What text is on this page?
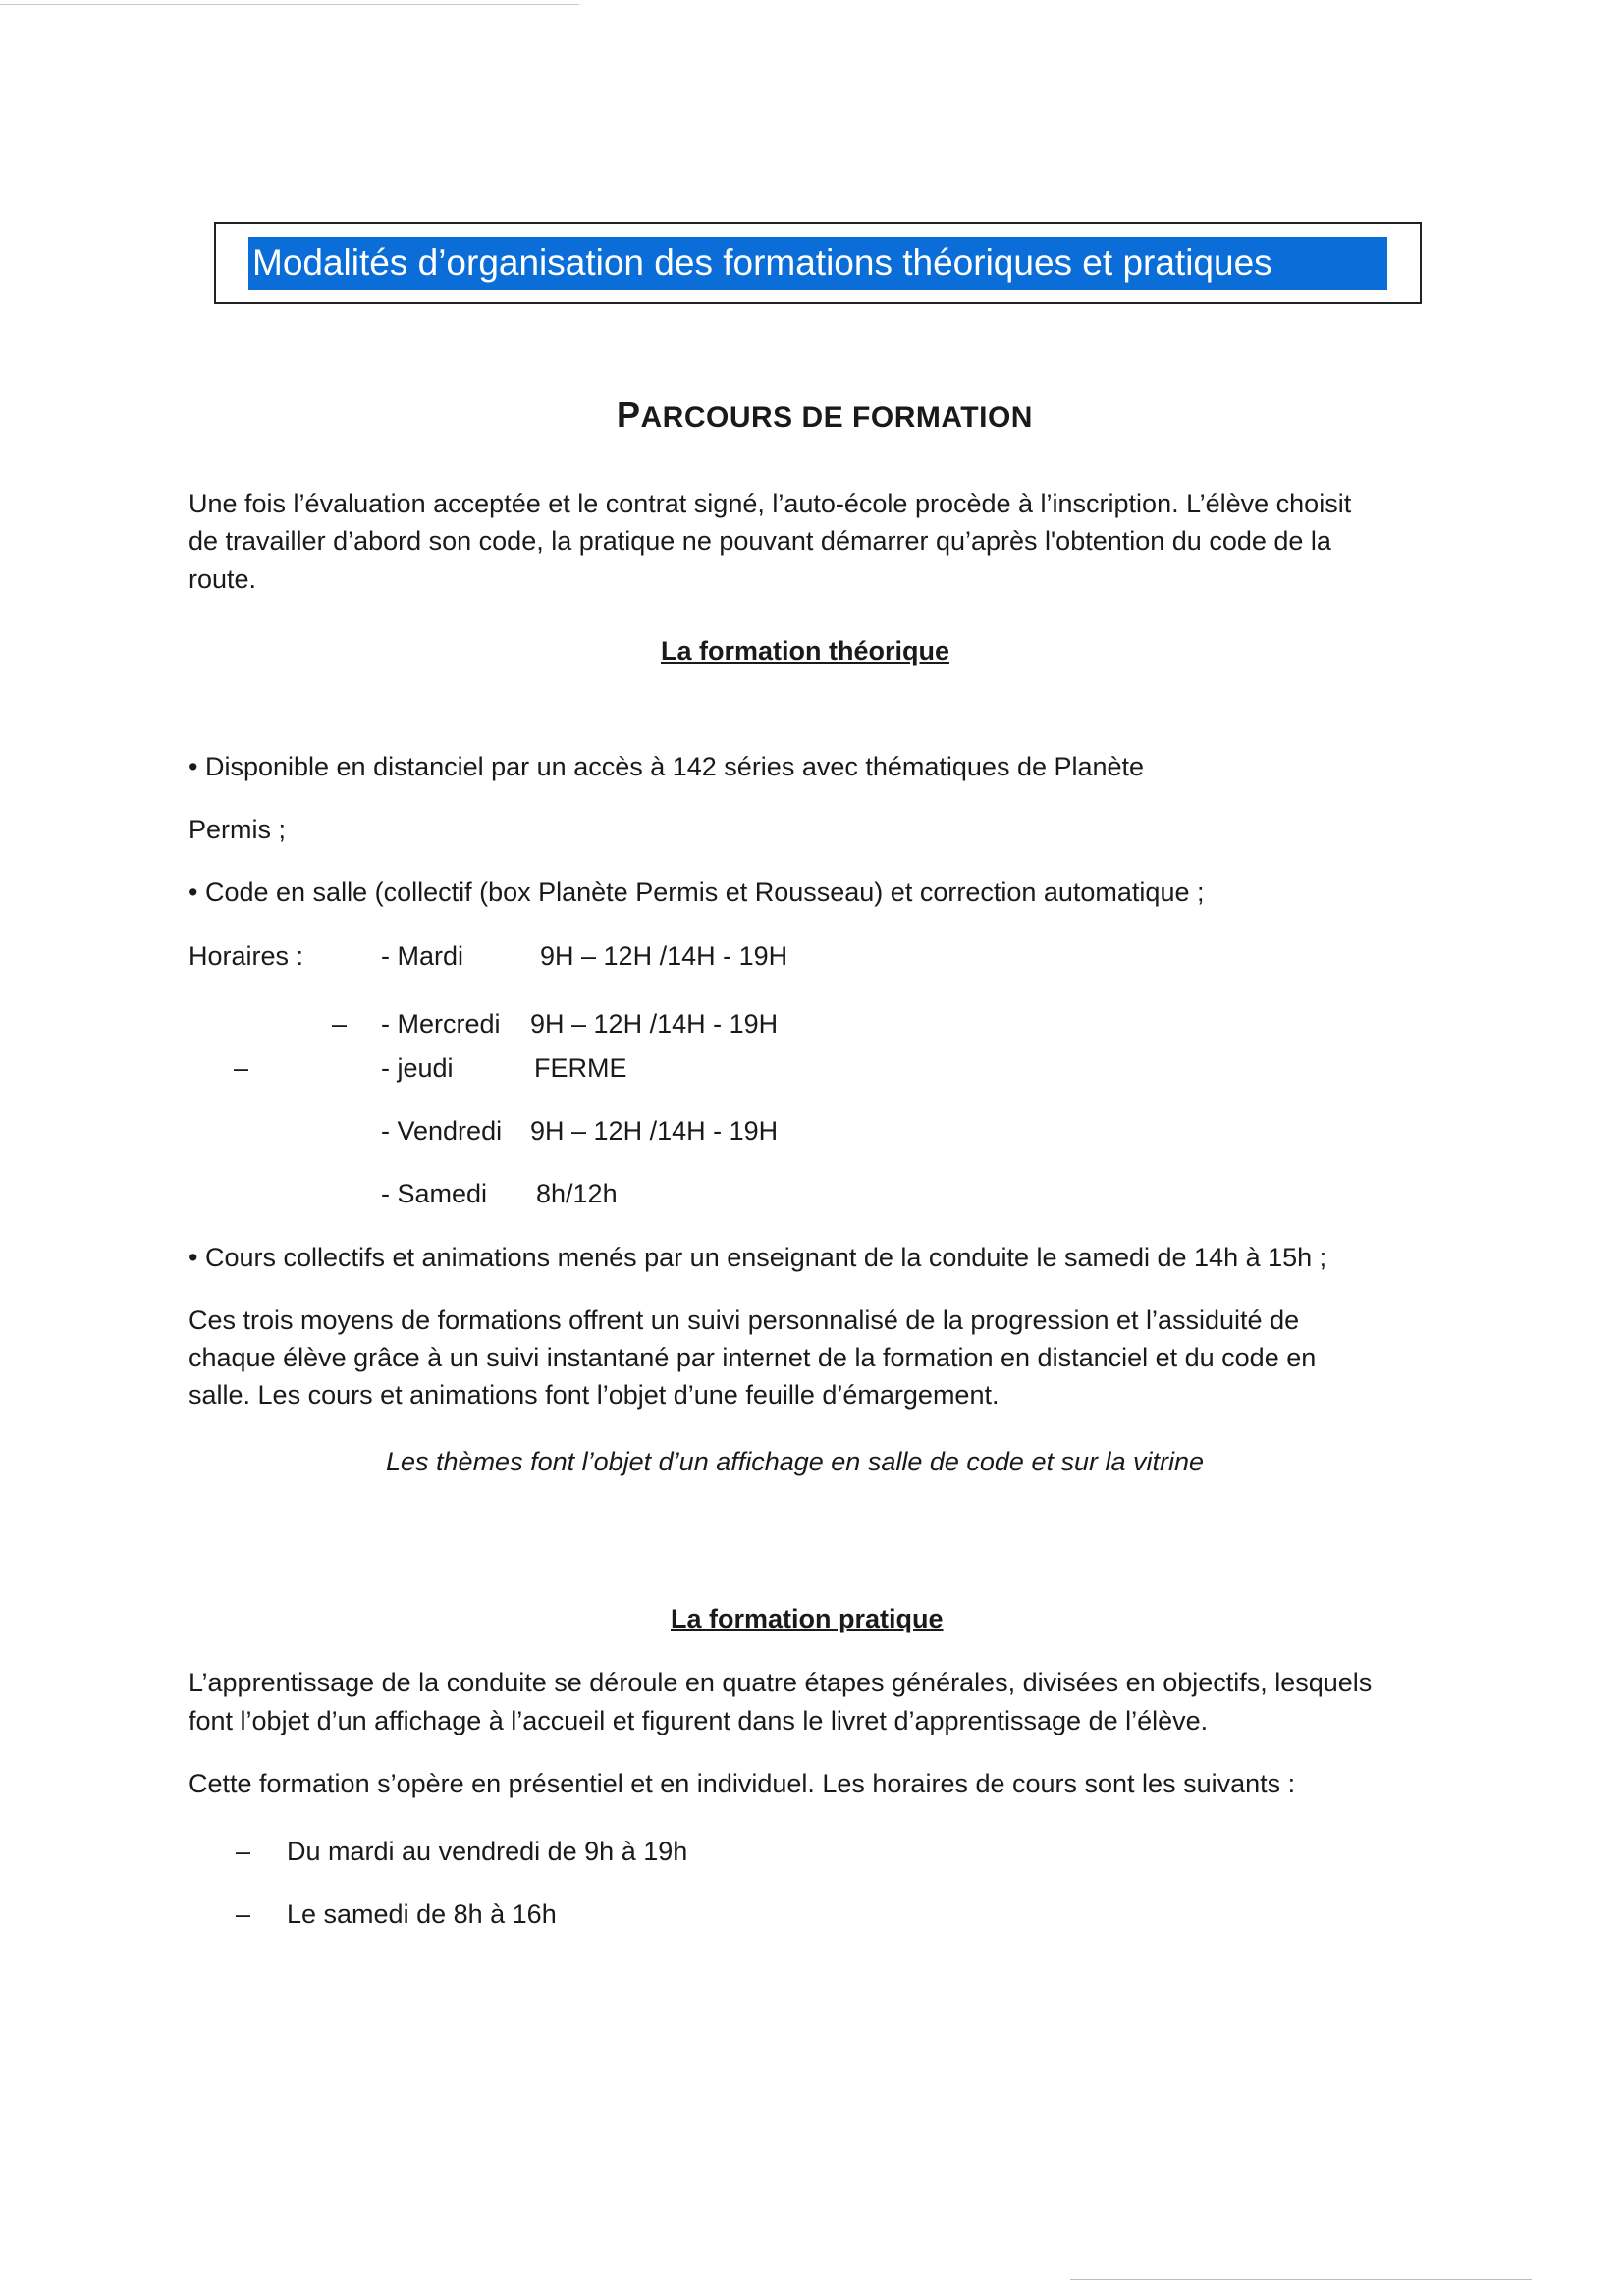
Modalités d’organisation des formations théoriques et pratiques
PARCOURS DE FORMATION
Une fois l’évaluation acceptée et le contrat signé, l’auto-école procède à l’inscription. L’élève choisit
de travailler d’abord son code, la pratique ne pouvant démarrer qu’après l'obtention du code de la
route.
La formation théorique
• Disponible en distanciel par un accès à 142 séries avec thématiques de Planète
Permis ;
• Code en salle (collectif (box Planète Permis et Rousseau) et correction automatique ;
Horaires :	- Mardi	9H – 12H /14H - 19H
– - Mercredi 9H – 12H /14H - 19H
–	- jeudi	FERME
- Vendredi 9H – 12H /14H - 19H
- Samedi 8h/12h
• Cours collectifs et animations menés par un enseignant de la conduite le samedi de 14h à 15h ;
Ces trois moyens de formations offrent un suivi personnalisé de la progression et l’assiduité de
chaque élève grâce à un suivi instantané par internet de la formation en distanciel et du code en
salle. Les cours et animations font l’objet d’une feuille d’émargement.
Les thèmes font l’objet d’un affichage en salle de code et sur la vitrine
La formation pratique
L’apprentissage de la conduite se déroule en quatre étapes générales, divisées en objectifs, lesquels
font l’objet d’un affichage à l’accueil et figurent dans le livret d’apprentissage de l’élève.
Cette formation s’opère en présentiel et en individuel. Les horaires de cours sont les suivants :
– Du mardi au vendredi de 9h à 19h
– Le samedi de 8h à 16h
